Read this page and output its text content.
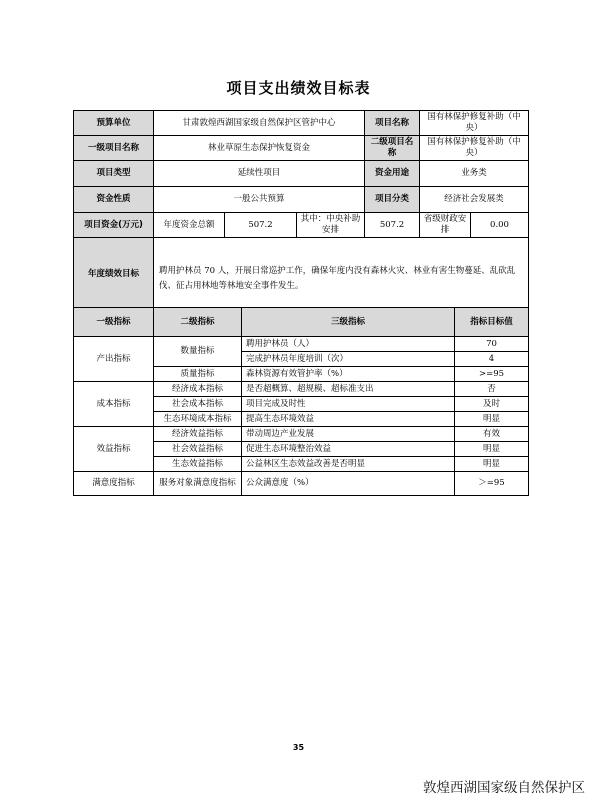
项目支出绩效目标表
预算单位	甘肃敦煌西湖国家级自然保护区管护中心			项目名称	国有林保护修复补助（中央）	
一级项目名称	林业草原生态保护恢复资金			二级项目名称	国有林保护修复补助（中央）	
项目类型	延续性项目			资金用途	业务类	
资金性质	一般公共预算			项目分类	经济社会发展类	
项目资金(万元)	年度资金总额	507.2	其中：中央补助安排	507.2	省级财政安排	0.00
年度绩效目标	聘用护林员 70 人，开展日常巡护工作，确保年度内没有森林火灾、林业有害生物蔓延、乱砍乱伐、征占用林地等林地安全事件发生。					
一级指标	二级指标	三级指标	指标目标值
产出指标	数量指标	聘用护林员（人）	70
		完成护林员年度培训（次）	4
	质量指标	森林资源有效管护率（%）	>=95
成本指标	经济成本指标	是否超概算、超规模、超标准支出	否
	社会成本指标	项目完成及时性	及时
	生态环境成本指标	提高生态环境效益	明显
效益指标	经济效益指标	带动周边产业发展	有效
	社会效益指标	促进生态环境整治效益	明显
	生态效益指标	公益林区生态效益改善是否明显	明显
满意度指标	服务对象满意度指标	公众满意度（%）	＞=95
35
敦煌西湖国家级自然保护区
